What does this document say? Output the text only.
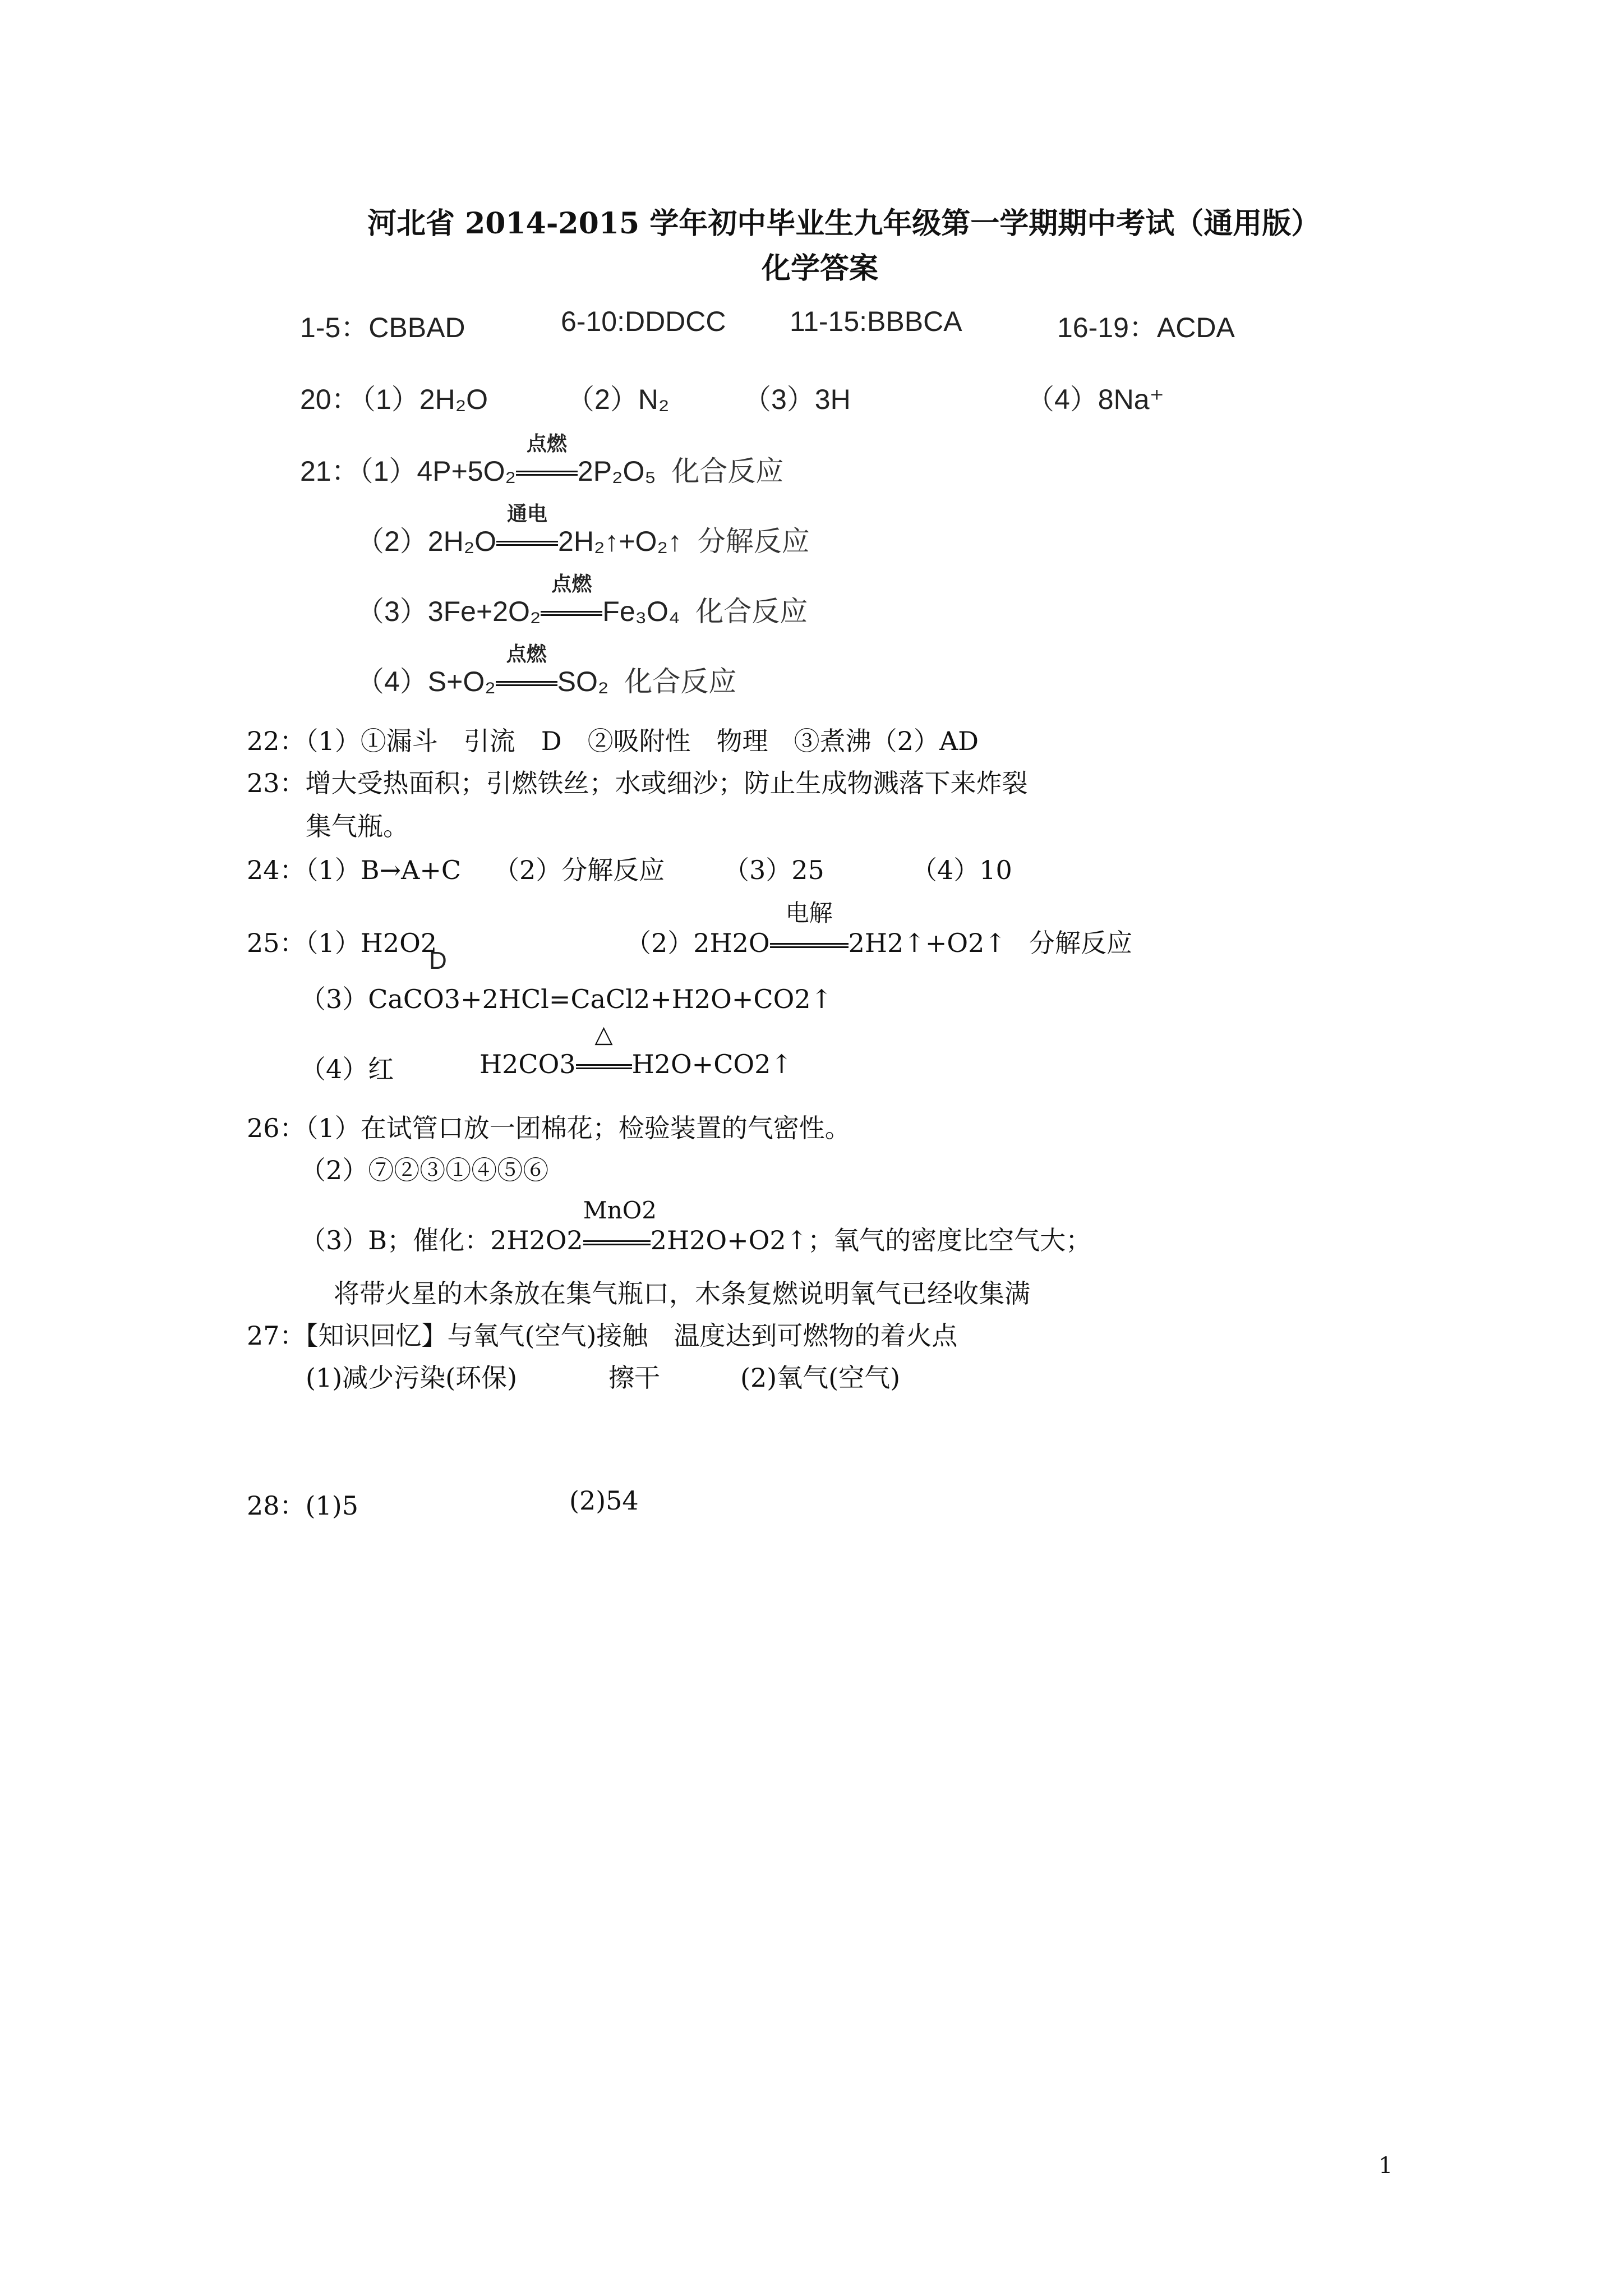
河北省 2014-2015 学年初中毕业生九年级第一学期期中考试（通用版）
化学答案
1-5：CBBAD	6-10:DDDCC 11-15:BBBCA	16-19：ACDA
20：
（1）2H₂O	（2）N₂	（3）3H	（4）8Na⁺
21：（1）4P+5O₂
点燃
2P₂O₅ 化合反应
（2）2H₂O
通电
2H₂↑+O₂↑ 分解反应
（3）3Fe+2O₂
点燃
Fe₃O₄ 化合反应
（4）S+O₂
点燃
SO₂ 化合反应
22：（1）①漏斗　引流　D　②吸附性　物理　③煮沸（2）AD
23：增大受热面积；引燃铁丝；水或细沙；防止生成物溅落下来炸裂
集气瓶。
24：（1）B→A+C （2）分解反应 （3）25	（4）10
25：（1）H2O2
D
（2）2H2O
电解
2H2↑+O2↑ 分解反应
（3）CaCO3+2HCl=CaCl2+H2O+CO2↑
（4）红	H2CO3
△
H2O+CO2↑
26：（1）在试管口放一团棉花；检验装置的气密性。
（2）⑦②③①④⑤⑥
（3）B；催化：2H2O2
MnO2
2H2O+O2↑；氧气的密度比空气大；
将带火星的木条放在集气瓶口，木条复燃说明氧气已经收集满
27：【知识回忆】与氧气(空气)接触　温度达到可燃物的着火点
(1)减少污染(环保)	擦干	(2)氧气(空气)
28：(1)5	(2)54
1
